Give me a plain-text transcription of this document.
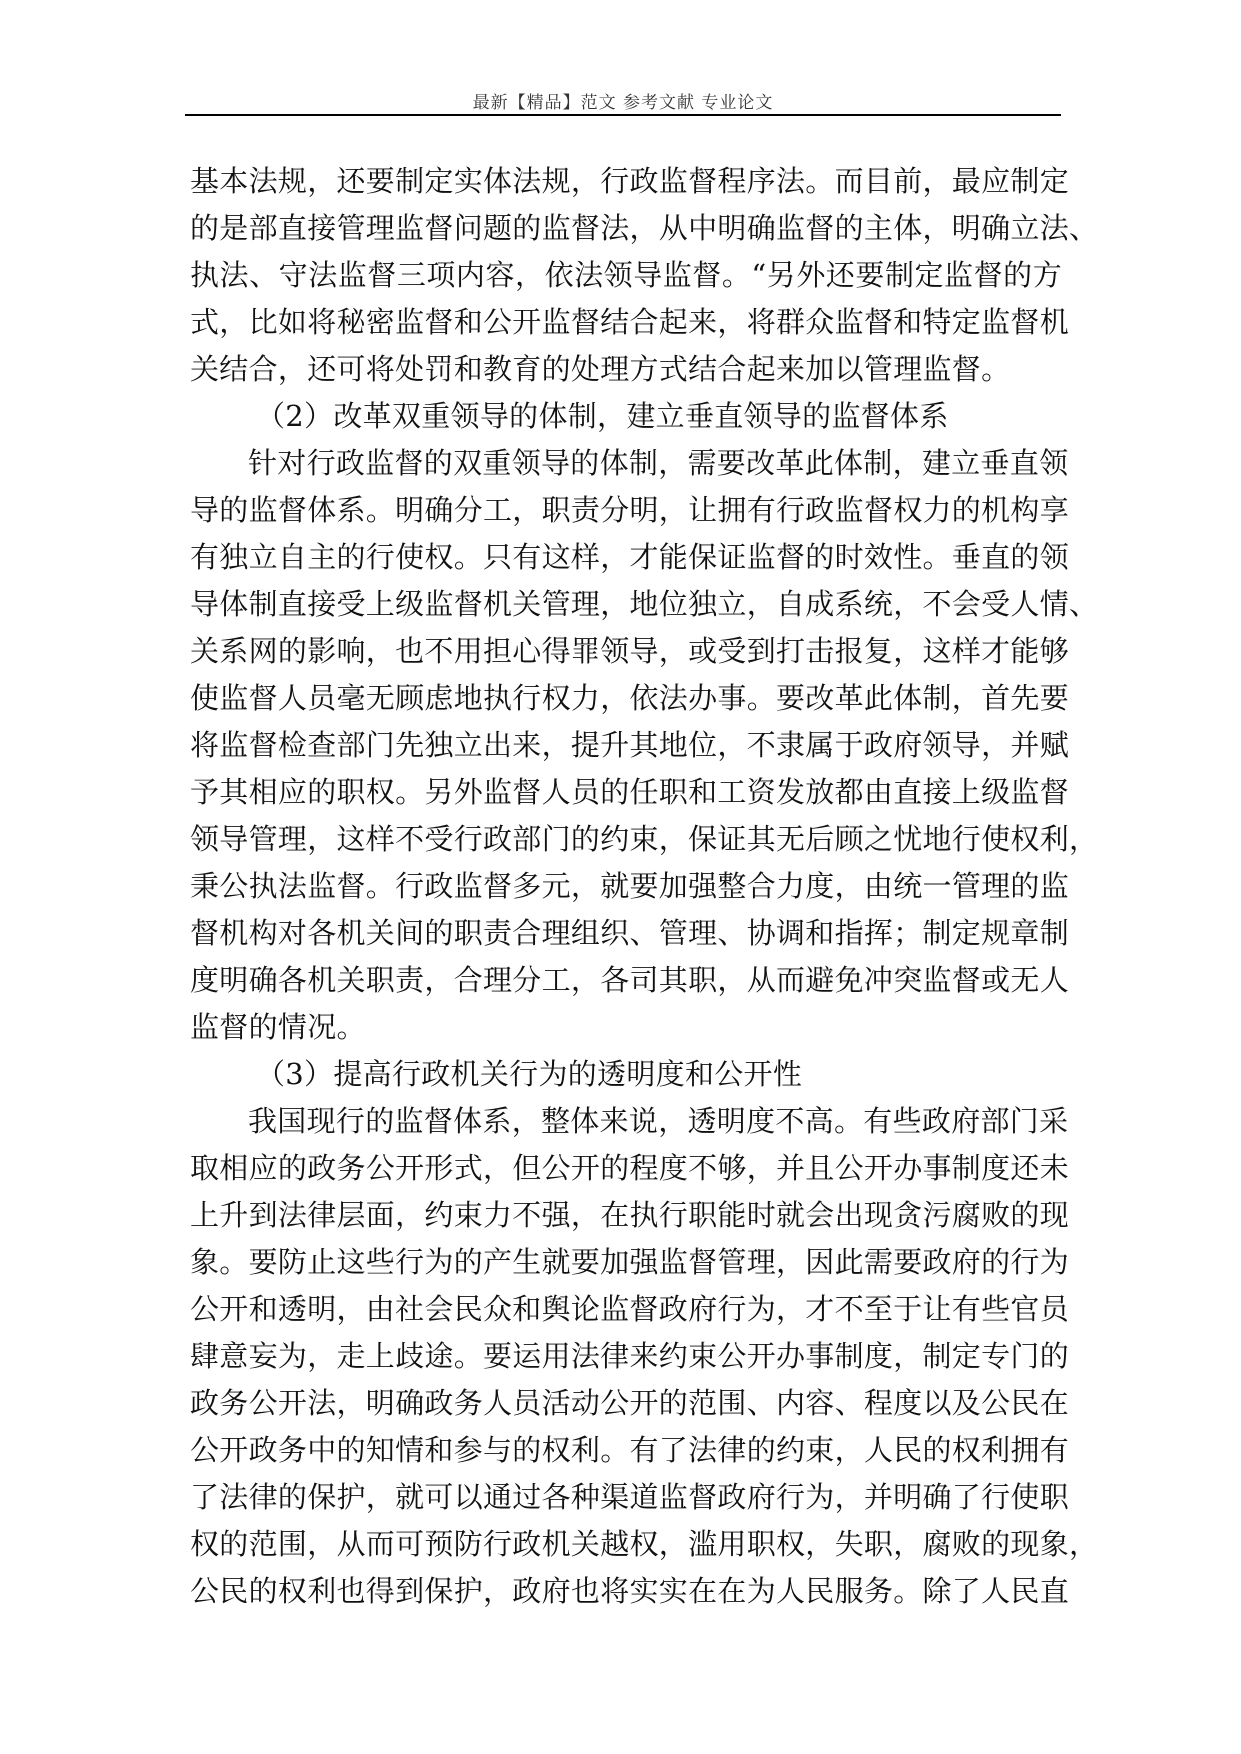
最新【精品】范文 参考文献 专业论文
基本法规，还要制定实体法规，行政监督程序法。而目前，最应制定
的是部直接管理监督问题的监督法，从中明确监督的主体，明确立法、
执法、守法监督三项内容，依法领导监督。“另外还要制定监督的方
式，比如将秘密监督和公开监督结合起来，将群众监督和特定监督机
关结合，还可将处罚和教育的处理方式结合起来加以管理监督。
（2）改革双重领导的体制，建立垂直领导的监督体系
针对行政监督的双重领导的体制，需要改革此体制，建立垂直领
导的监督体系。明确分工，职责分明，让拥有行政监督权力的机构享
有独立自主的行使权。只有这样，才能保证监督的时效性。垂直的领
导体制直接受上级监督机关管理，地位独立，自成系统，不会受人情、
关系网的影响，也不用担心得罪领导，或受到打击报复，这样才能够
使监督人员毫无顾虑地执行权力，依法办事。要改革此体制，首先要
将监督检查部门先独立出来，提升其地位，不隶属于政府领导，并赋
予其相应的职权。另外监督人员的任职和工资发放都由直接上级监督
领导管理，这样不受行政部门的约束，保证其无后顾之忧地行使权利，
秉公执法监督。行政监督多元，就要加强整合力度，由统一管理的监
督机构对各机关间的职责合理组织、管理、协调和指挥；制定规章制
度明确各机关职责，合理分工，各司其职，从而避免冲突监督或无人
监督的情况。
（3）提高行政机关行为的透明度和公开性
我国现行的监督体系，整体来说，透明度不高。有些政府部门采
取相应的政务公开形式，但公开的程度不够，并且公开办事制度还未
上升到法律层面，约束力不强，在执行职能时就会出现贪污腐败的现
象。要防止这些行为的产生就要加强监督管理，因此需要政府的行为
公开和透明，由社会民众和舆论监督政府行为，才不至于让有些官员
肆意妄为，走上歧途。要运用法律来约束公开办事制度，制定专门的
政务公开法，明确政务人员活动公开的范围、内容、程度以及公民在
公开政务中的知情和参与的权利。有了法律的约束，人民的权利拥有
了法律的保护，就可以通过各种渠道监督政府行为，并明确了行使职
权的范围，从而可预防行政机关越权，滥用职权，失职，腐败的现象，
公民的权利也得到保护，政府也将实实在在为人民服务。除了人民直
